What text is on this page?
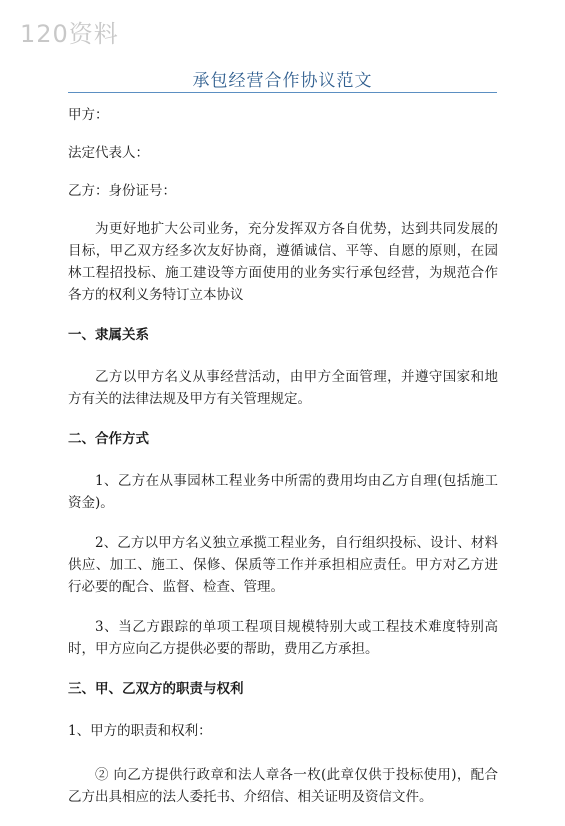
120资料
承包经营合作协议范文
甲方：
法定代表人：
乙方：身份证号：
为更好地扩大公司业务，充分发挥双方各自优势，达到共同发展的目标，甲乙双方经多次友好协商，遵循诚信、平等、自愿的原则，在园林工程招投标、施工建设等方面使用的业务实行承包经营，为规范合作各方的权利义务特订立本协议
一、隶属关系
乙方以甲方名义从事经营活动，由甲方全面管理，并遵守国家和地方有关的法律法规及甲方有关管理规定。
二、合作方式
1、乙方在从事园林工程业务中所需的费用均由乙方自理(包括施工资金)。
2、乙方以甲方名义独立承揽工程业务，自行组织投标、设计、材料供应、加工、施工、保修、保质等工作并承担相应责任。甲方对乙方进行必要的配合、监督、检查、管理。
3、当乙方跟踪的单项工程项目规模特别大或工程技术难度特别高时，甲方应向乙方提供必要的帮助，费用乙方承担。
三、甲、乙双方的职责与权利
1、甲方的职责和权利：
② 向乙方提供行政章和法人章各一枚(此章仅供于投标使用)，配合乙方出具相应的法人委托书、介绍信、相关证明及资信文件。
